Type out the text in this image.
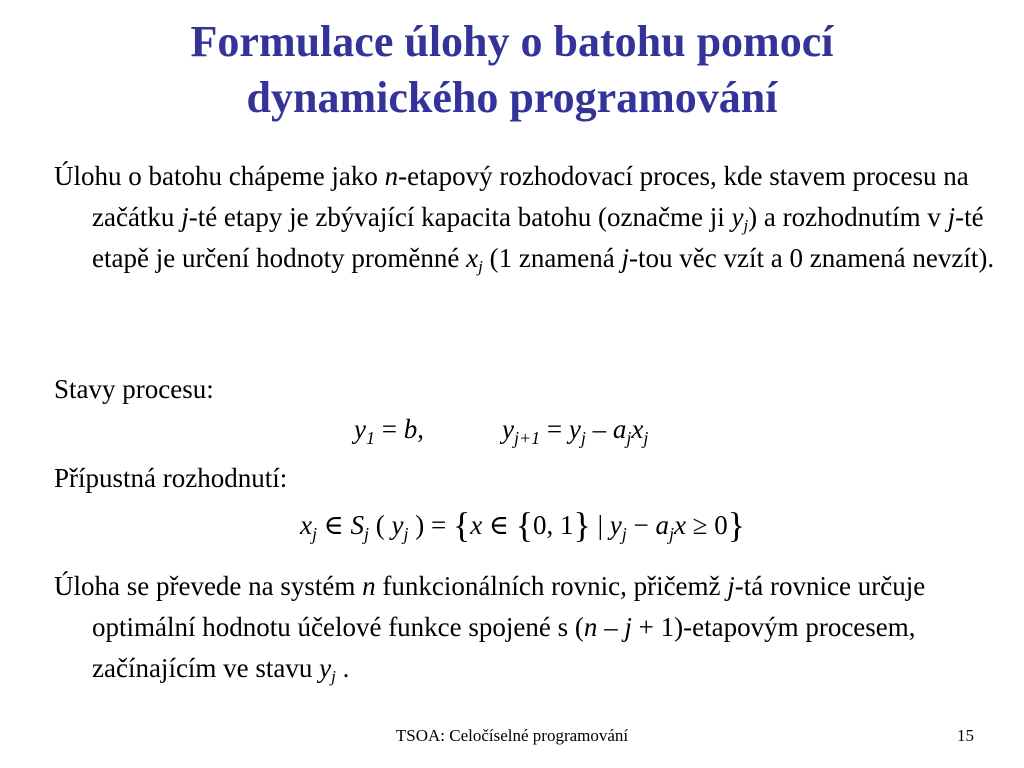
Formulace úlohy o batohu pomocí
dynamického programování
Úlohu o batohu chápeme jako n-etapový rozhodovací proces, kde stavem procesu na začátku j-té etapy je zbývající kapacita batohu (označme ji $y_j$) a rozhodnutím v j-té etapě je určení hodnoty proměnné $x_j$ (1 znamená j-tou věc vzít a 0 znamená nevzít).
Stavy procesu:
$y_1 = b$,	$y_{j+1} = y_j - a_jx_j$
Přípustná rozhodnutí:
$x_j$ ∈ $S_j$ ( $y_j$ ) = {x ∈ {0, 1} | $y_j - a_jx \ge 0$}
Úloha se převede na systém n funkcionálních rovnic, přičemž j-tá rovnice určuje optimální hodnotu účelové funkce spojené s (n – j + 1)-etapovým procesem, začínajícím ve stavu $y_j$ .
TSOA: Celočíselné programování	15
